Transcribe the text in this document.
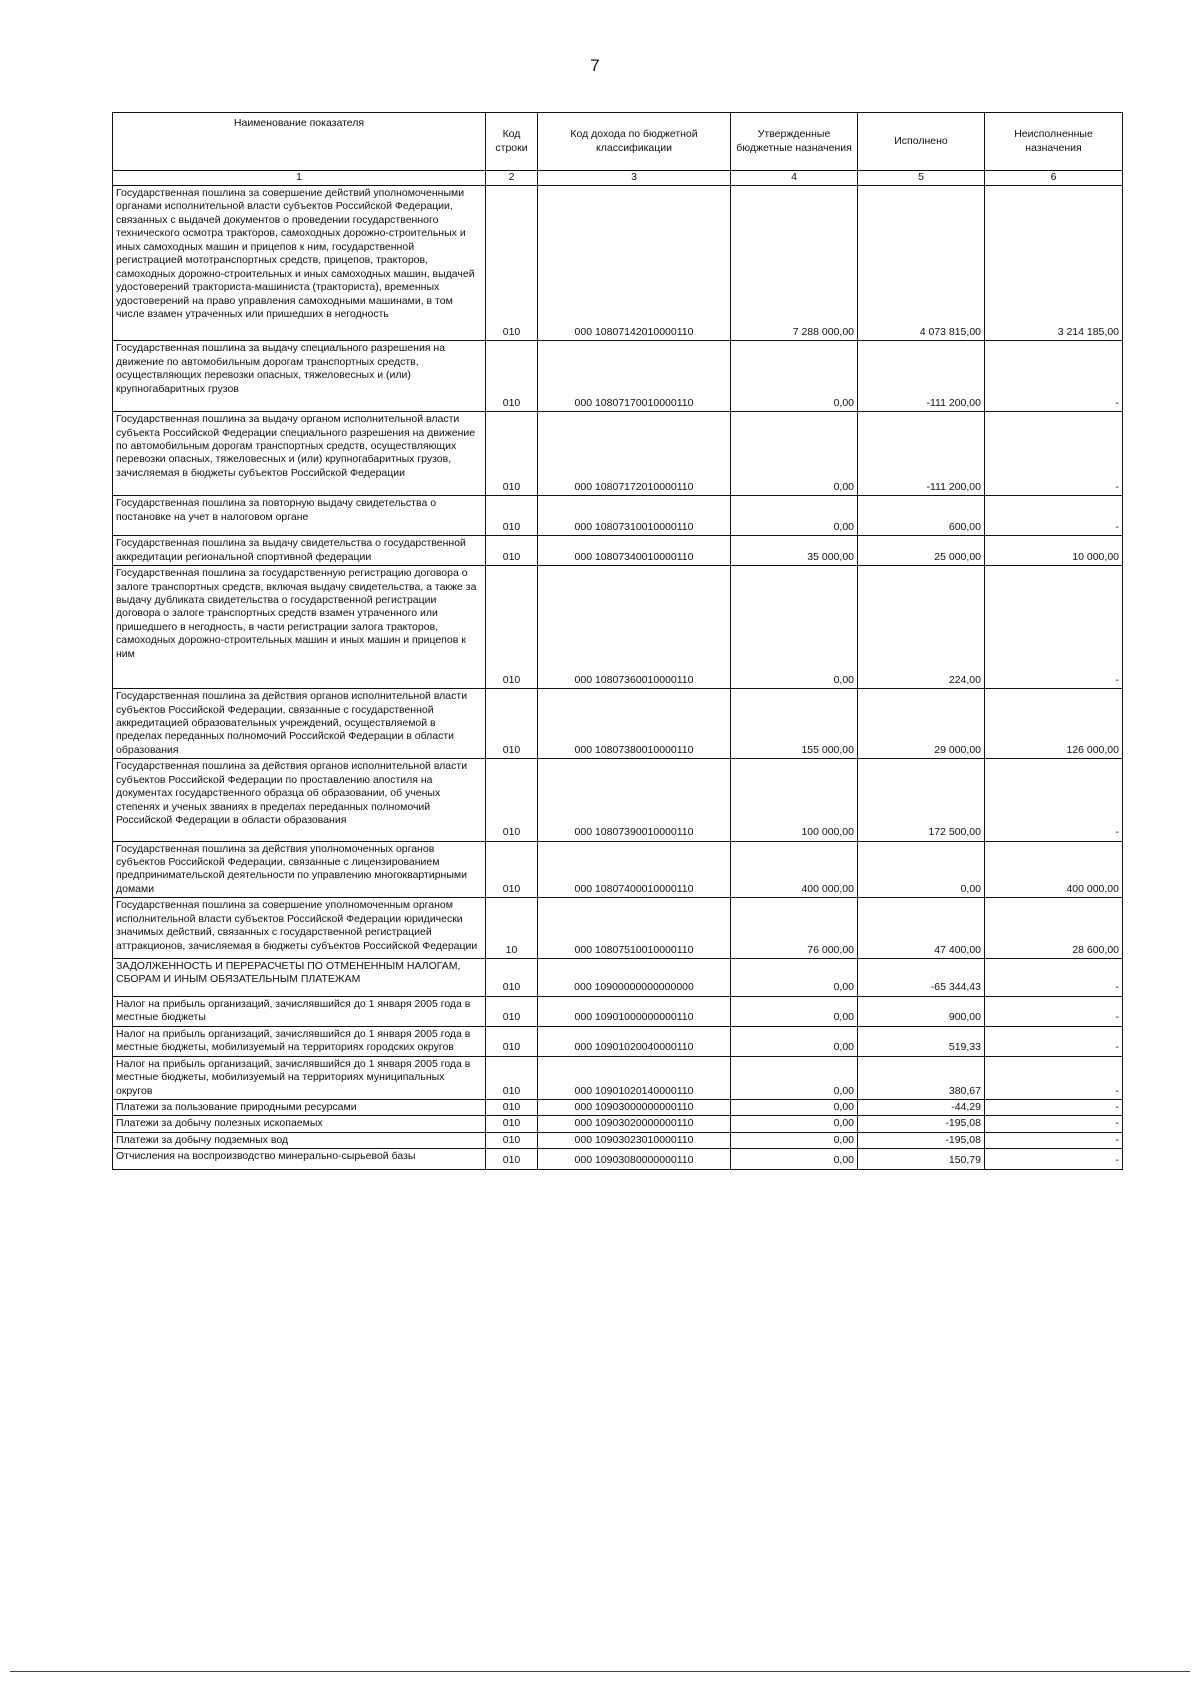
7
Наименование показателя	Код строки	Код дохода по бюджетной классификации	Утвержденные бюджетные назначения	Исполнено	Неисполненные назначения
1	2	3	4	5	6

Государственная пошлина за совершение действий уполномоченными органами исполнительной власти субъектов Российской Федерации, связанных с выдачей документов о проведении государственного технического осмотра тракторов, самоходных дорожно-строительных и иных самоходных машин и прицепов к ним, государственной регистрацией мототранспортных средств, прицепов, тракторов, самоходных дорожно-строительных и иных самоходных машин, выдачей удостоверений тракториста-машиниста (тракториста), временных удостоверений на право управления самоходными машинами, в том числе взамен утраченных или пришедших в негодность	010	000 10807142010000110	7 288 000,00	4 073 815,00	3 214 185,00

Государственная пошлина за выдачу специального разрешения на движение по автомобильным дорогам транспортных средств, осуществляющих перевозки опасных, тяжеловесных и (или) крупногабаритных грузов	010	000 10807170010000110	0,00	-111 200,00	-

Государственная пошлина за выдачу органом исполнительной власти субъекта Российской Федерации специального разрешения на движение по автомобильным дорогам транспортных средств, осуществляющих перевозки опасных, тяжеловесных и (или) крупногабаритных грузов, зачисляемая в бюджеты субъектов Российской Федерации	010	000 10807172010000110	0,00	-111 200,00	-

Государственная пошлина за повторную выдачу свидетельства о постановке на учет в налоговом органе	010	000 10807310010000110	0,00	600,00	-

Государственная пошлина за выдачу свидетельства о государственной аккредитации региональной спортивной федерации	010	000 10807340010000110	35 000,00	25 000,00	10 000,00

Государственная пошлина за государственную регистрацию договора о залоге транспортных средств, включая выдачу свидетельства, а также за выдачу дубликата свидетельства о государственной регистрации договора о залоге транспортных средств взамен утраченного или пришедшего в негодность, в части регистрации залога тракторов, самоходных дорожно-строительных машин и иных машин и прицепов к ним	010	000 10807360010000110	0,00	224,00	-

Государственная пошлина за действия органов исполнительной власти субъектов Российской Федерации, связанные с государственной аккредитацией образовательных учреждений, осуществляемой в пределах переданных полномочий Российской Федерации в области образования	010	000 10807380010000110	155 000,00	29 000,00	126 000,00

Государственная пошлина за действия органов исполнительной власти субъектов Российской Федерации по проставлению апостиля на документах государственного образца об образовании, об ученых степенях и ученых званиях в пределах переданных полномочий Российской Федерации в области образования	010	000 10807390010000110	100 000,00	172 500,00	-

Государственная пошлина за действия уполномоченных органов субъектов Российской Федерации, связанные с лицензированием предпринимательской деятельности по управлению многоквартирными домами	010	000 10807400010000110	400 000,00	0,00	400 000,00

Государственная пошлина за совершение уполномоченным органом исполнительной власти субъектов Российской Федерации юридически значимых действий, связанных с государственной регистрацией аттракционов, зачисляемая в бюджеты субъектов Российской Федерации	10	000 10807510010000110	76 000,00	47 400,00	28 600,00

ЗАДОЛЖЕННОСТЬ И ПЕРЕРАСЧЕТЫ ПО ОТМЕНЕННЫМ НАЛОГАМ, СБОРАМ И ИНЫМ ОБЯЗАТЕЛЬНЫМ ПЛАТЕЖАМ	010	000 10900000000000000	0,00	-65 344,43	-

Налог на прибыль организаций, зачислявшийся до 1 января 2005 года в местные бюджеты	010	000 10901000000000110	0,00	900,00	-

Налог на прибыль организаций, зачислявшийся до 1 января 2005 года в местные бюджеты, мобилизуемый на территориях городских округов	010	000 10901020040000110	0,00	519,33	-

Налог на прибыль организаций, зачислявшийся до 1 января 2005 года в местные бюджеты, мобилизуемый на территориях муниципальных округов	010	000 10901020140000110	0,00	380,67	-

Платежи за пользование природными ресурсами	010	000 10903000000000110	0,00	-44,29	-

Платежи за добычу полезных ископаемых	010	000 10903020000000110	0,00	-195,08	-

Платежи за добычу подземных вод	010	000 10903023010000110	0,00	-195,08	-

Отчисления на воспроизводство минерально-сырьевой базы	010	000 10903080000000110	0,00	150,79	-
